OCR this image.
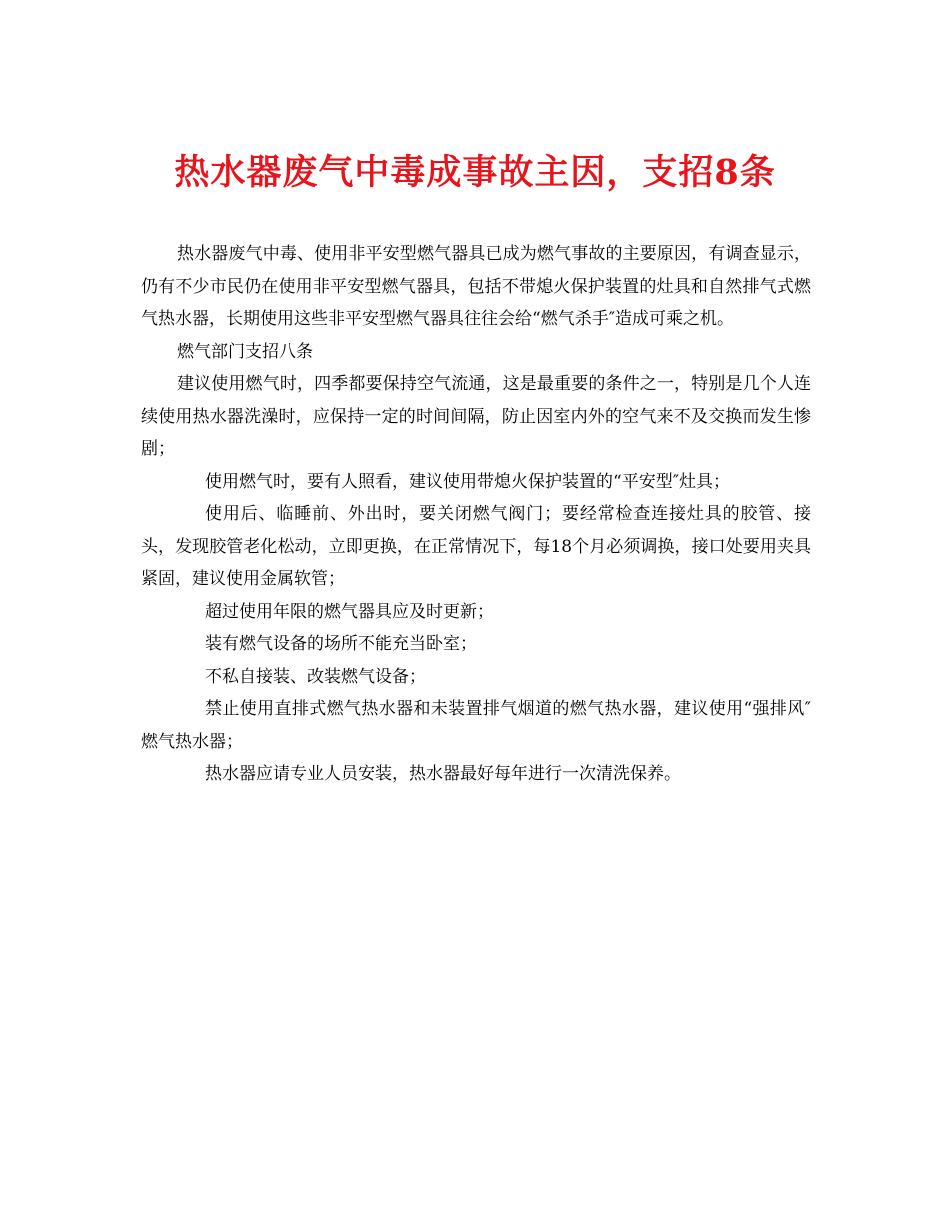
热水器废气中毒成事故主因，支招8条

热水器废气中毒、使用非平安型燃气器具已成为燃气事故的主要原因，有调查显示，仍有不少市民仍在使用非平安型燃气器具，包括不带熄火保护装置的灶具和自然排气式燃气热水器，长期使用这些非平安型燃气器具往往会给“燃气杀手″造成可乘之机。

燃气部门支招八条

建议使用燃气时，四季都要保持空气流通，这是最重要的条件之一，特别是几个人连续使用热水器洗澡时，应保持一定的时间间隔，防止因室内外的空气来不及交换而发生惨剧；

使用燃气时，要有人照看，建议使用带熄火保护装置的“平安型″灶具；

使用后、临睡前、外出时，要关闭燃气阀门；要经常检查连接灶具的胶管、接头，发现胶管老化松动，立即更换，在正常情况下，每18个月必须调换，接口处要用夹具紧固，建议使用金属软管；

超过使用年限的燃气器具应及时更新；

装有燃气设备的场所不能充当卧室；

不私自接装、改装燃气设备；

禁止使用直排式燃气热水器和未装置排气烟道的燃气热水器，建议使用“强排风″燃气热水器；

热水器应请专业人员安装，热水器最好每年进行一次清洗保养。
